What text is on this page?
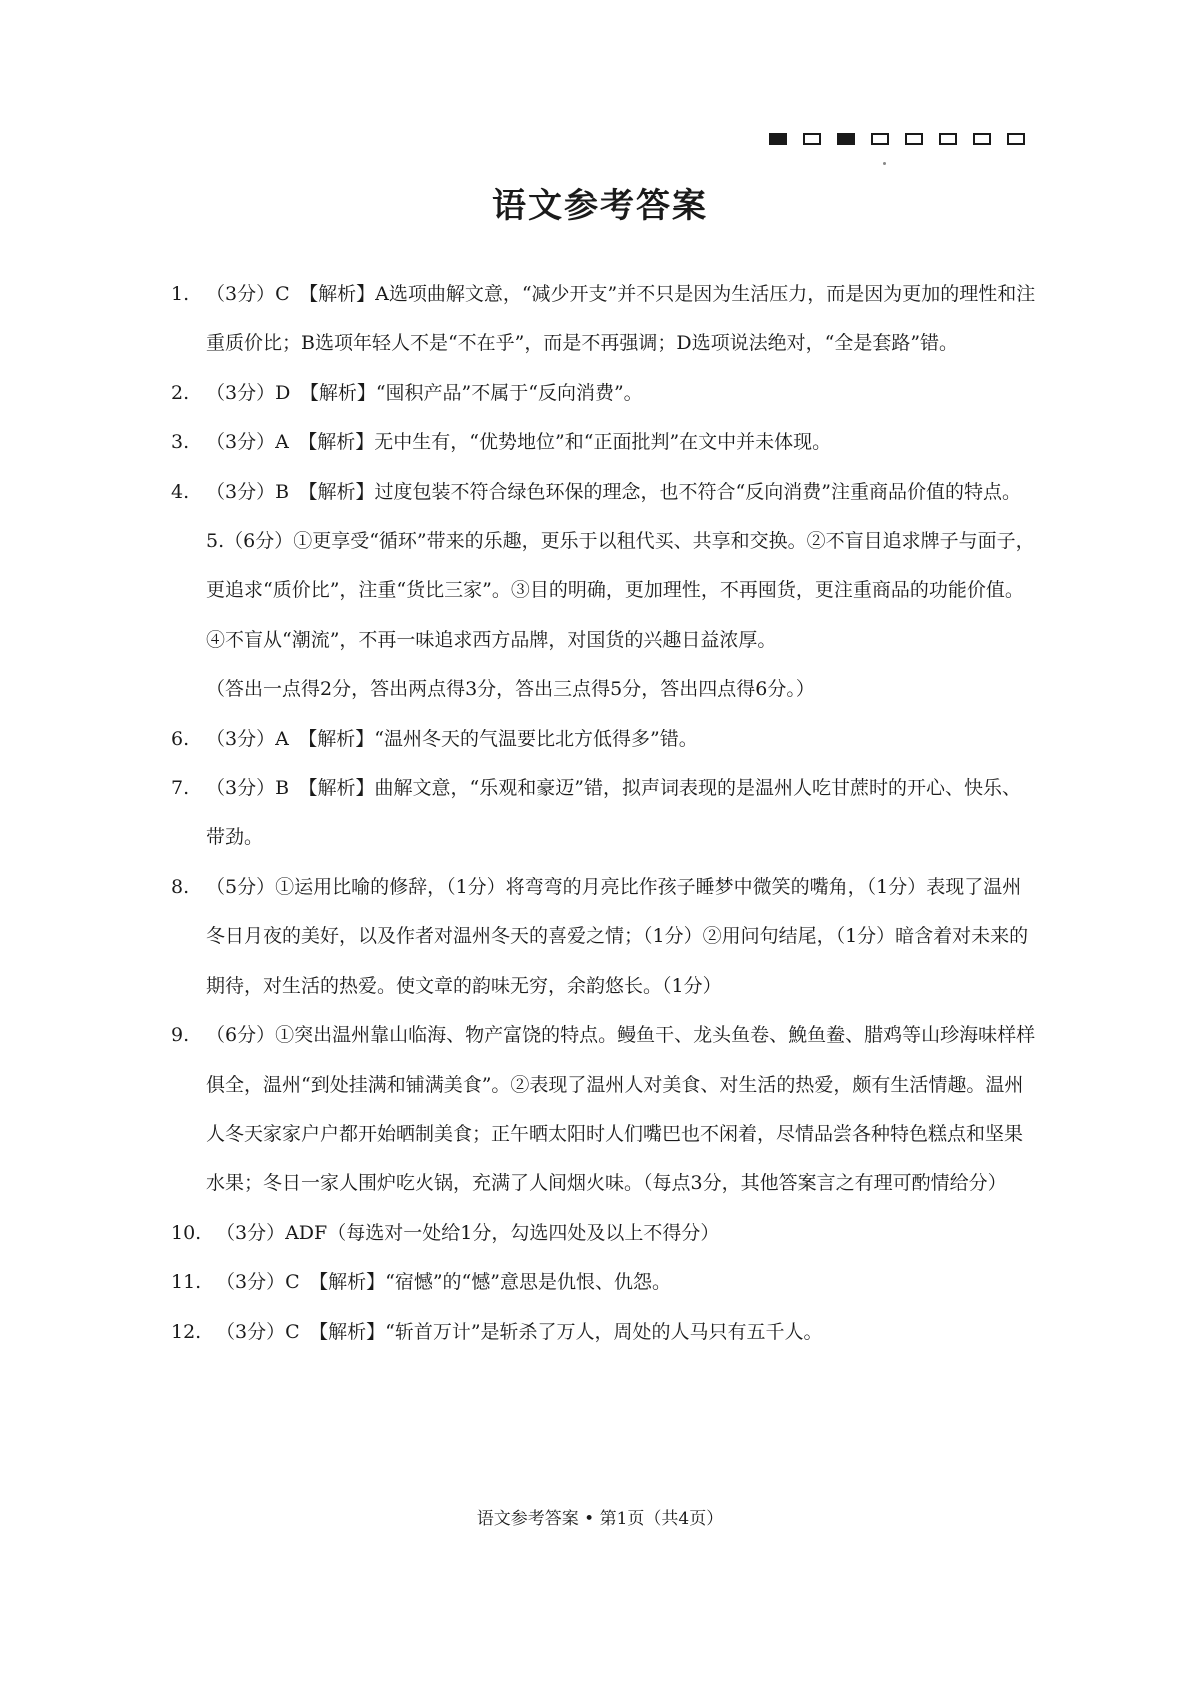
语文参考答案

1. （3分）C　【解析】A选项曲解文意，“减少开支”并不只是因为生活压力，而是因为更加的理性和注重质价比；B选项年轻人不是“不在乎”，而是不再强调；D选项说法绝对，“全是套路”错。

2. （3分）D　【解析】“囤积产品”不属于“反向消费”。

3. （3分）A　【解析】无中生有，“优势地位”和“正面批判”在文中并未体现。

4. （3分）B　【解析】过度包装不符合绿色环保的理念，也不符合“反向消费”注重商品价值的特点。5.（6分）①更享受“循环”带来的乐趣，更乐于以租代买、共享和交换。②不盲目追求牌子与面子，更追求“质价比”，注重“货比三家”。③目的明确，更加理性，不再囤货，更注重商品的功能价值。④不盲从“潮流”，不再一味追求西方品牌，对国货的兴趣日益浓厚。

（答出一点得2分，答出两点得3分，答出三点得5分，答出四点得6分。）

6. （3分）A　【解析】“温州冬天的气温要比北方低得多”错。

7. （3分）B　【解析】曲解文意，“乐观和豪迈”错，拟声词表现的是温州人吃甘蔗时的开心、快乐、带劲。

8. （5分）①运用比喻的修辞，（1分）将弯弯的月亮比作孩子睡梦中微笑的嘴角，（1分）表现了温州冬日月夜的美好，以及作者对温州冬天的喜爱之情；（1分）②用问句结尾，（1分）暗含着对未来的期待，对生活的热爱。使文章的韵味无穷，余韵悠长。（1分）

9. （6分）①突出温州靠山临海、物产富饶的特点。鳗鱼干、龙头鱼卷、鮸鱼鲞、腊鸡等山珍海味样样俱全，温州“到处挂满和铺满美食”。②表现了温州人对美食、对生活的热爱，颇有生活情趣。温州人冬天家家户户都开始晒制美食；正午晒太阳时人们嘴巴也不闲着，尽情品尝各种特色糕点和坚果水果；冬日一家人围炉吃火锅，充满了人间烟火味。（每点3分，其他答案言之有理可酌情给分）

10. （3分）ADF（每选对一处给1分，勾选四处及以上不得分）

11. （3分）C　【解析】“宿憾”的“憾”意思是仇恨、仇怨。

12. （3分）C　【解析】“斩首万计”是斩杀了万人，周处的人马只有五千人。

语文参考答案 • 第1页（共4页）
